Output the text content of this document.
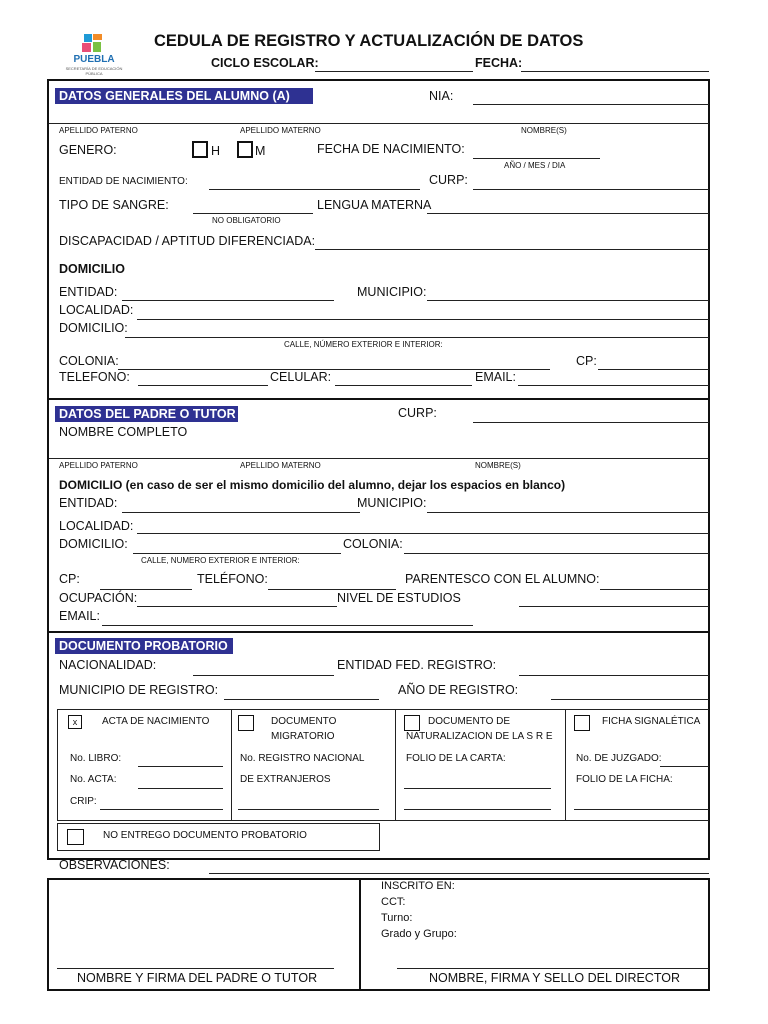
PUEBLA
SECRETARÍA DE EDUCACIÓN PÚBLICA
CEDULA DE REGISTRO Y ACTUALIZACIÓN DE DATOS
CICLO ESCOLAR:	FECHA:
DATOS GENERALES DEL ALUMNO (A)	NIA:
APELLIDO PATERNO	APELLIDO MATERNO	NOMBRE(S)
GENERO:	H	M	FECHA DE NACIMIENTO:
AÑO / MES / DIA
ENTIDAD DE NACIMIENTO:	CURP:
TIPO DE SANGRE:
NO OBLIGATORIO
LENGUA MATERNA
DISCAPACIDAD / APTITUD DIFERENCIADA:
DOMICILIO
ENTIDAD:	MUNICIPIO:
LOCALIDAD:
DOMICILIO:
CALLE, NÚMERO EXTERIOR E INTERIOR:
COLONIA:	CP:
TELEFONO:	CELULAR:	EMAIL:
DATOS DEL PADRE O TUTOR	CURP:
NOMBRE COMPLETO
APELLIDO PATERNO	APELLIDO MATERNO	NOMBRE(S)
DOMICILIO (en caso de ser el mismo domicilio del alumno, dejar los espacios en blanco)
ENTIDAD:	MUNICIPIO:
LOCALIDAD:
DOMICILIO:	COLONIA:
CALLE, NUMERO EXTERIOR E INTERIOR:
CP:	TELÉFONO:	PARENTESCO CON EL ALUMNO:
OCUPACIÓN:	NIVEL DE ESTUDIOS
EMAIL:
DOCUMENTO PROBATORIO
NACIONALIDAD:	ENTIDAD FED. REGISTRO:
MUNICIPIO DE REGISTRO:	AÑO DE REGISTRO:
x	ACTA DE NACIMIENTO
No. LIBRO:
No. ACTA:
CRIP:
DOCUMENTO
MIGRATORIO
No. REGISTRO NACIONAL
DE EXTRANJEROS
DOCUMENTO DE
NATURALIZACION DE LA S R E
FOLIO DE LA CARTA:
FICHA SIGNALÉTICA
No. DE JUZGADO:
FOLIO DE LA FICHA:
NO ENTREGO DOCUMENTO PROBATORIO
OBSERVACIONES:
INSCRITO EN:
CCT:
Turno:
Grado y Grupo:
NOMBRE Y FIRMA DEL PADRE O TUTOR	NOMBRE, FIRMA Y SELLO DEL DIRECTOR
